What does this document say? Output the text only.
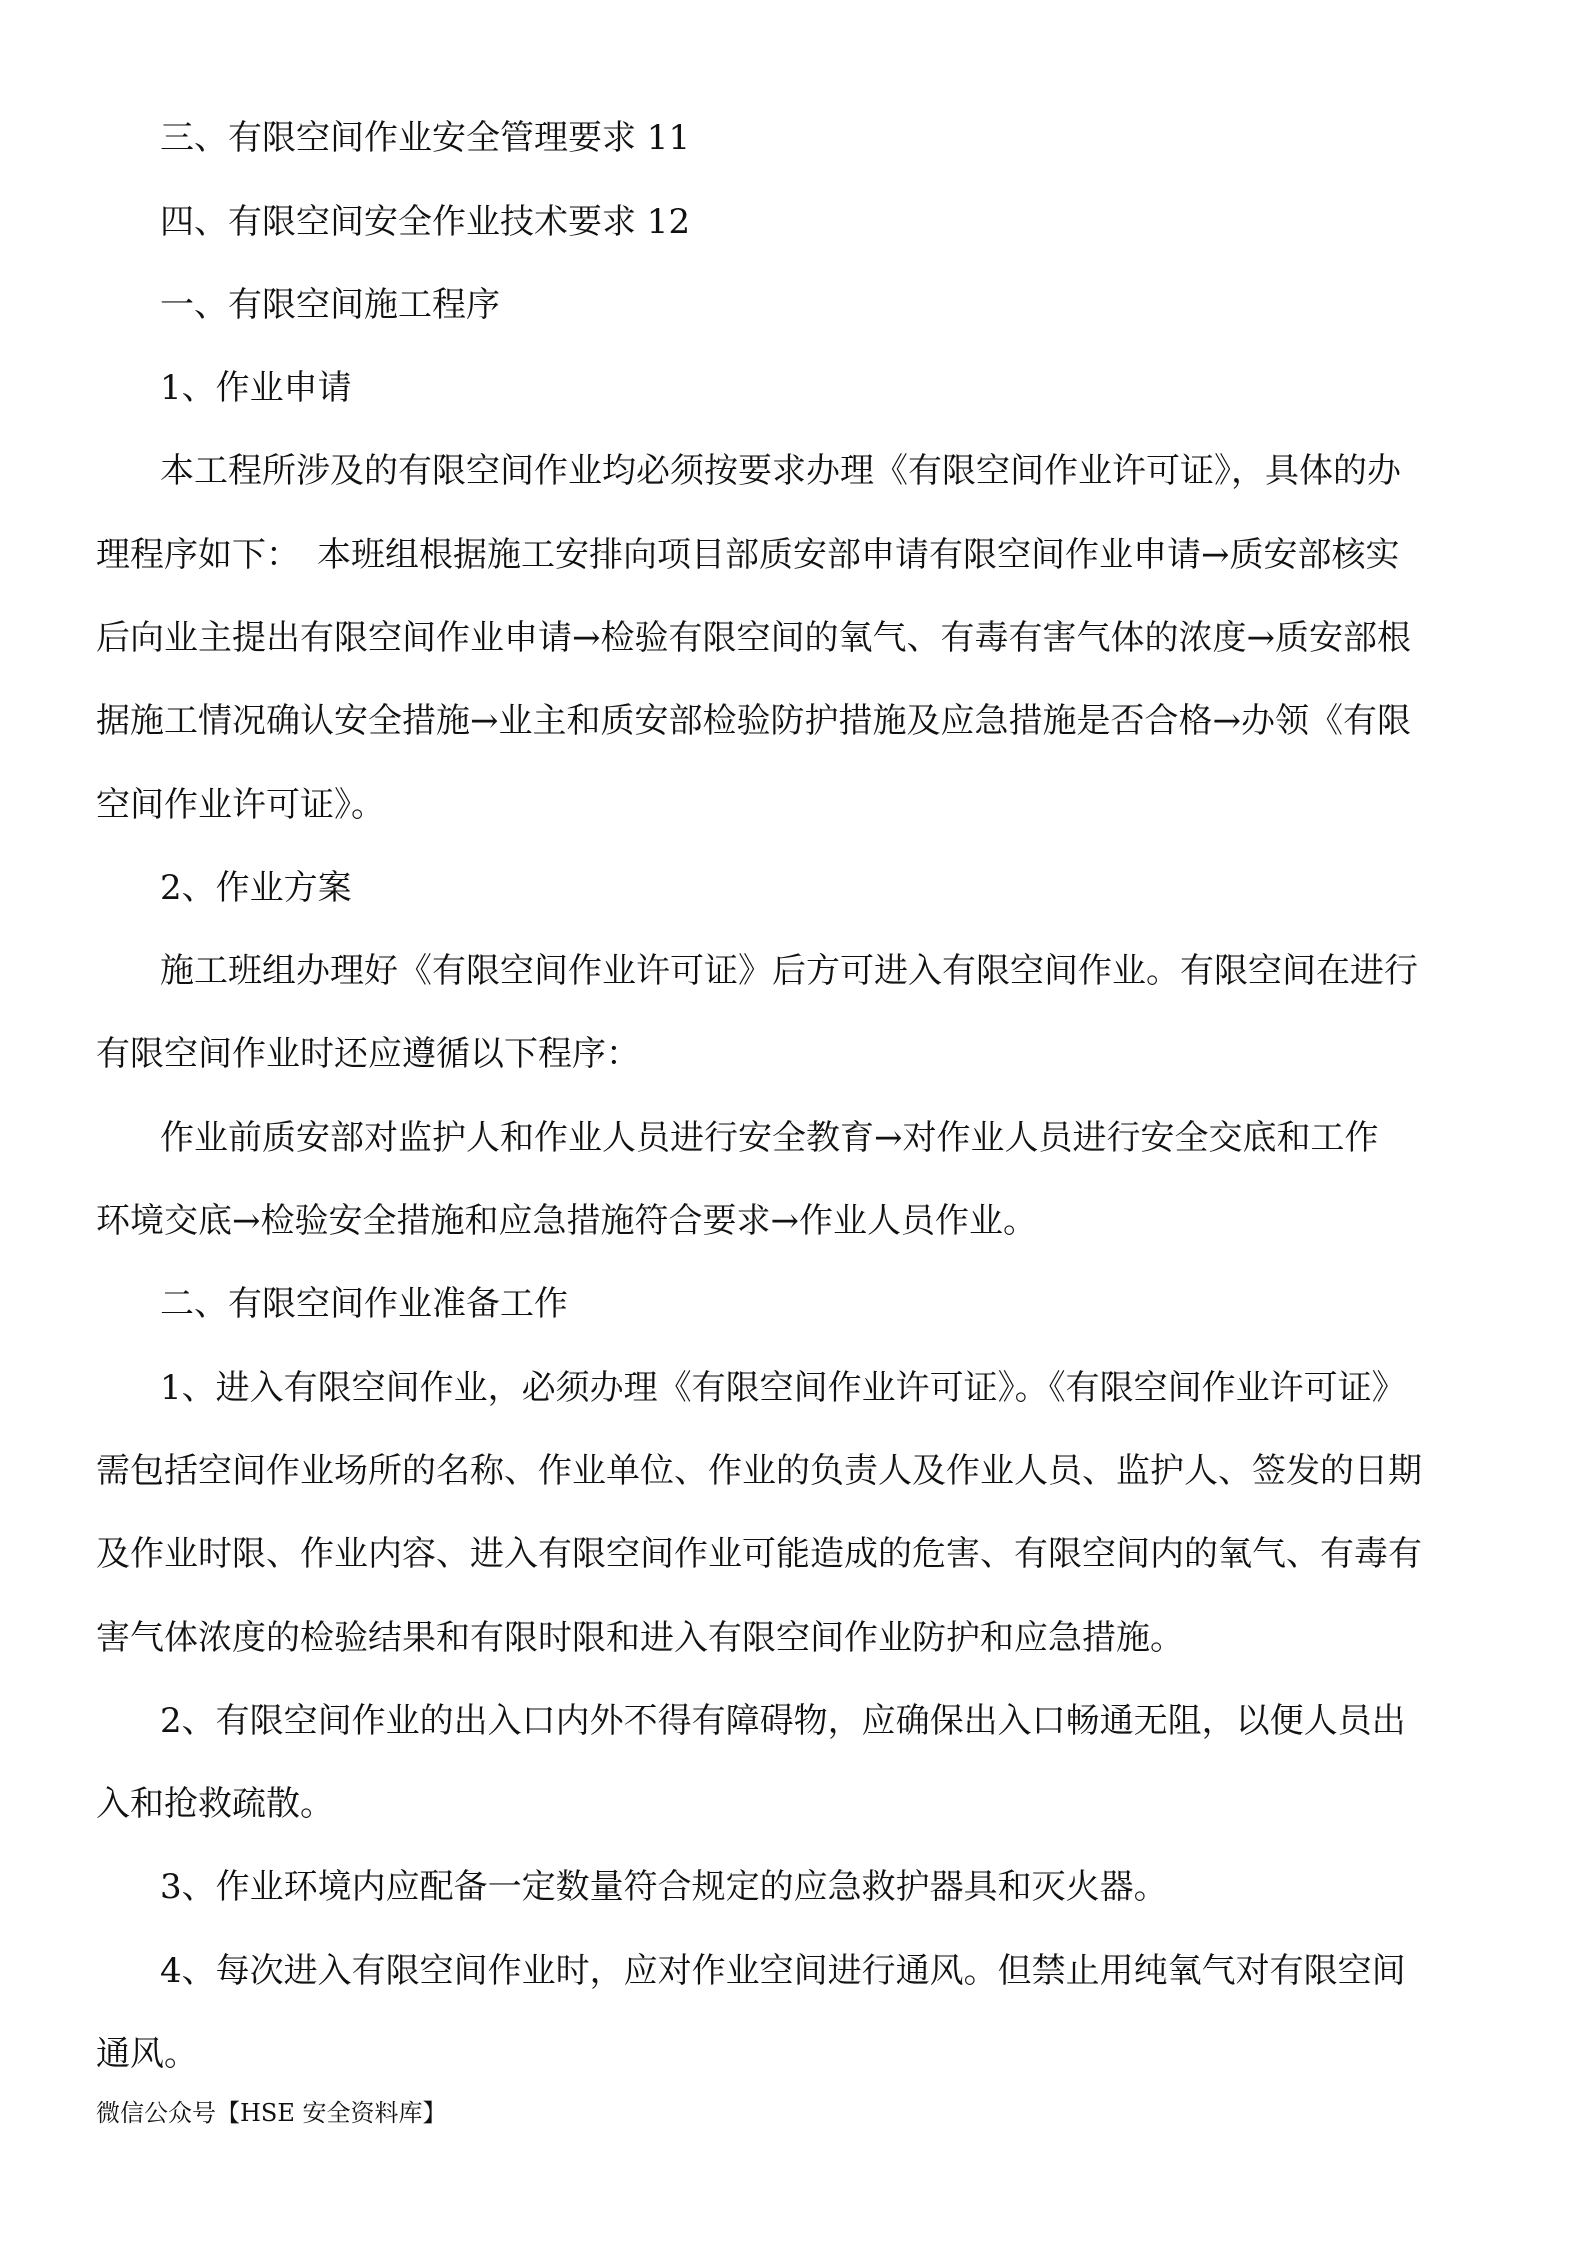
三、有限空间作业安全管理要求 11
四、有限空间安全作业技术要求 12
一、有限空间施工程序
1、作业申请
本工程所涉及的有限空间作业均必须按要求办理《有限空间作业许可证》，具体的办
理程序如下：　本班组根据施工安排向项目部质安部申请有限空间作业申请→质安部核实
后向业主提出有限空间作业申请→检验有限空间的氧气、有毒有害气体的浓度→质安部根
据施工情况确认安全措施→业主和质安部检验防护措施及应急措施是否合格→办领《有限
空间作业许可证》。
2、作业方案
施工班组办理好《有限空间作业许可证》后方可进入有限空间作业。有限空间在进行
有限空间作业时还应遵循以下程序：
作业前质安部对监护人和作业人员进行安全教育→对作业人员进行安全交底和工作
环境交底→检验安全措施和应急措施符合要求→作业人员作业。
二、有限空间作业准备工作
1、进入有限空间作业，必须办理《有限空间作业许可证》。《有限空间作业许可证》
需包括空间作业场所的名称、作业单位、作业的负责人及作业人员、监护人、签发的日期
及作业时限、作业内容、进入有限空间作业可能造成的危害、有限空间内的氧气、有毒有
害气体浓度的检验结果和有限时限和进入有限空间作业防护和应急措施。
2、有限空间作业的出入口内外不得有障碍物，应确保出入口畅通无阻，以便人员出
入和抢救疏散。
3、作业环境内应配备一定数量符合规定的应急救护器具和灭火器。
4、每次进入有限空间作业时，应对作业空间进行通风。但禁止用纯氧气对有限空间
通风。
微信公众号【HSE 安全资料库】
